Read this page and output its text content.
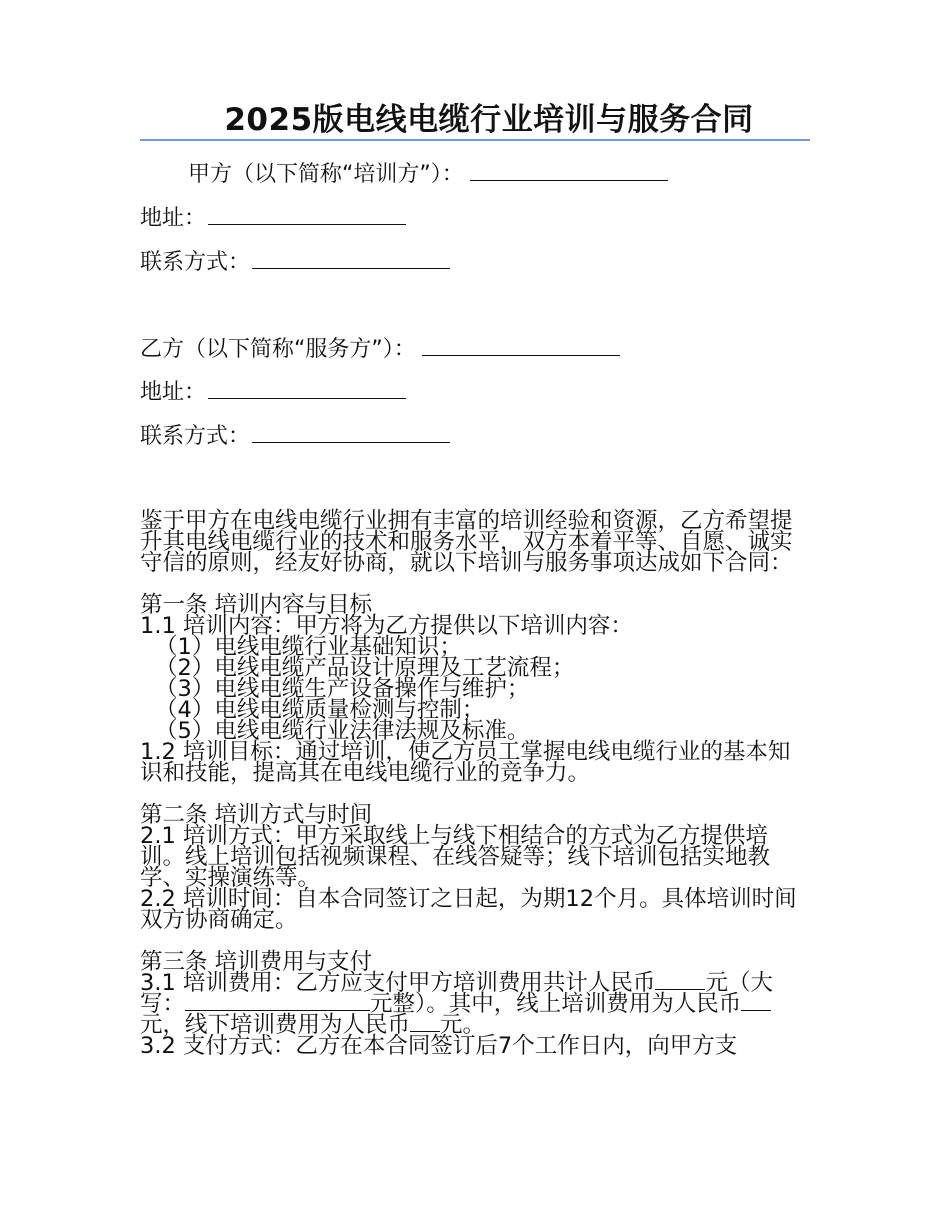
2025版电线电缆行业培训与服务合同
甲方（以下简称“培训方”）：
地址：
联系方式：
乙方（以下简称“服务方”）：
地址：
联系方式：

鉴于甲方在电线电缆行业拥有丰富的培训经验和资源，乙方希望提升其电线电缆行业的技术和服务水平，双方本着平等、自愿、诚实守信的原则，经友好协商，就以下培训与服务事项达成如下合同：

第一条 培训内容与目标

1.1 培训内容：甲方将为乙方提供以下培训内容：

（1）电线电缆行业基础知识；

（2）电线电缆产品设计原理及工艺流程；

（3）电线电缆生产设备操作与维护；

（4）电线电缆质量检测与控制；

（5）电线电缆行业法律法规及标准。

1.2 培训目标：通过培训，使乙方员工掌握电线电缆行业的基本知识和技能，提高其在电线电缆行业的竞争力。

第二条 培训方式与时间

2.1 培训方式：甲方采取线上与线下相结合的方式为乙方提供培训。线上培训包括视频课程、在线答疑等；线下培训包括实地教学、实操演练等。

2.2 培训时间：自本合同签订之日起，为期12个月。具体培训时间双方协商确定。

第三条 培训费用与支付

3.1 培训费用：乙方应支付甲方培训费用共计人民币 元（大写：	元整）。其中，线上培训费用为人民币元，线下培训费用为人民币 元。

3.2 支付方式：乙方在本合同签订后7个工作日内，向甲方支
